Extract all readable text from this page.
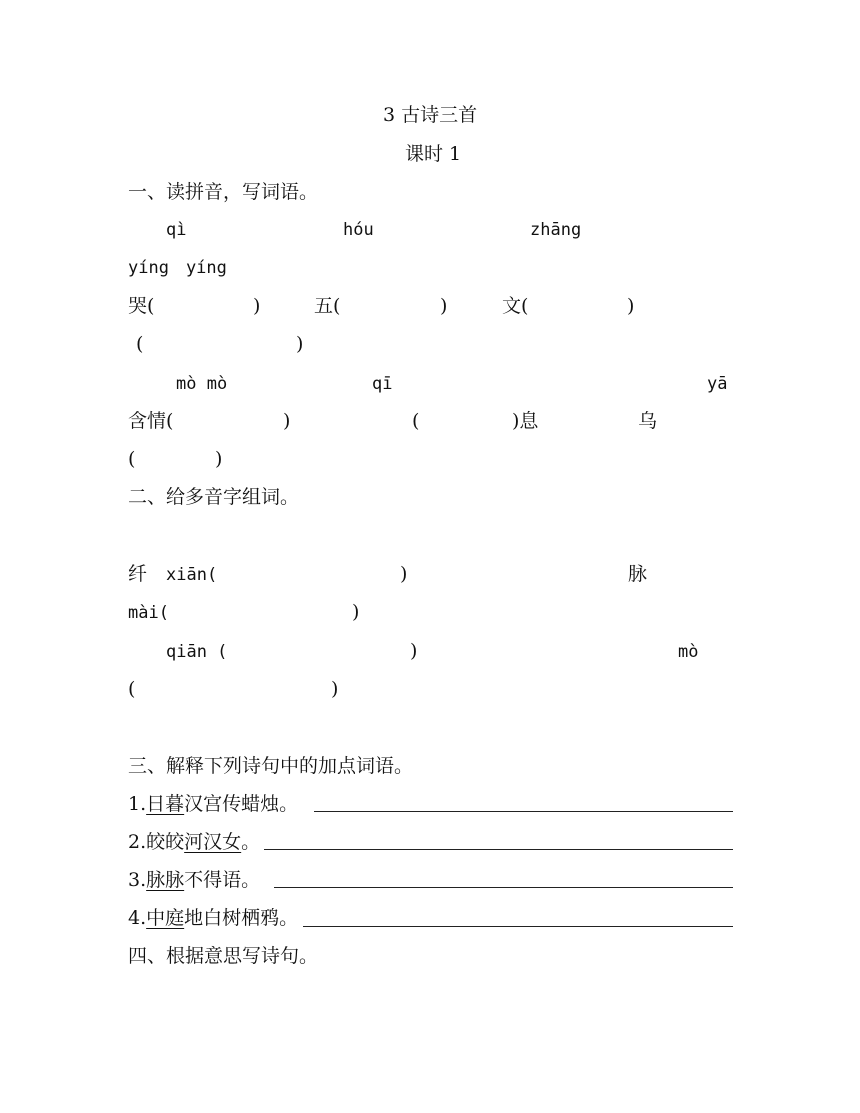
3 古诗三首
课时 1
一、读拼音，写词语。
qì	hóu	zhāng
yíng　yíng
哭(	)	五(	)	文(	)
(	)
mò mò	qī	yā
含情(	)	(	)息	乌
(	)
二、给多音字组词。
纤 xiān(	)	脉
mài(	)
qiān (	)	mò
(	)
三、解释下列诗句中的加点词语。
1.日暮汉宫传蜡烛。
2.皎皎河汉女。
3.脉脉不得语。
4.中庭地白树栖鸦。
四、根据意思写诗句。
